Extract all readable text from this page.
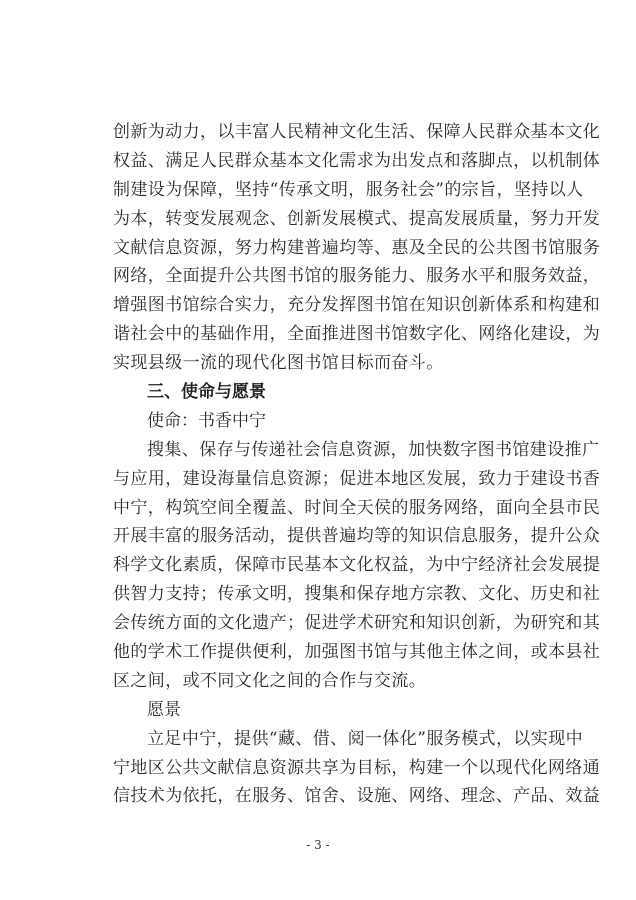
创新为动力，以丰富人民精神文化生活、保障人民群众基本文化
权益、满足人民群众基本文化需求为出发点和落脚点，以机制体
制建设为保障，坚持“传承文明，服务社会”的宗旨，坚持以人
为本，转变发展观念、创新发展模式、提高发展质量，努力开发
文献信息资源，努力构建普遍均等、惠及全民的公共图书馆服务
网络，全面提升公共图书馆的服务能力、服务水平和服务效益，
增强图书馆综合实力，充分发挥图书馆在知识创新体系和构建和
谐社会中的基础作用，全面推进图书馆数字化、网络化建设，为
实现县级一流的现代化图书馆目标而奋斗。
三、使命与愿景
使命：书香中宁
搜集、保存与传递社会信息资源，加快数字图书馆建设推广
与应用，建设海量信息资源；促进本地区发展，致力于建设书香
中宁，构筑空间全覆盖、时间全天侯的服务网络，面向全县市民
开展丰富的服务活动，提供普遍均等的知识信息服务，提升公众
科学文化素质，保障市民基本文化权益，为中宁经济社会发展提
供智力支持；传承文明，搜集和保存地方宗教、文化、历史和社
会传统方面的文化遗产；促进学术研究和知识创新，为研究和其
他的学术工作提供便利，加强图书馆与其他主体之间，或本县社
区之间，或不同文化之间的合作与交流。
愿景
立足中宁，提供“藏、借、阅一体化”服务模式，以实现中
宁地区公共文献信息资源共享为目标，构建一个以现代化网络通
信技术为依托，在服务、馆舍、设施、网络、理念、产品、效益
- 3 -
